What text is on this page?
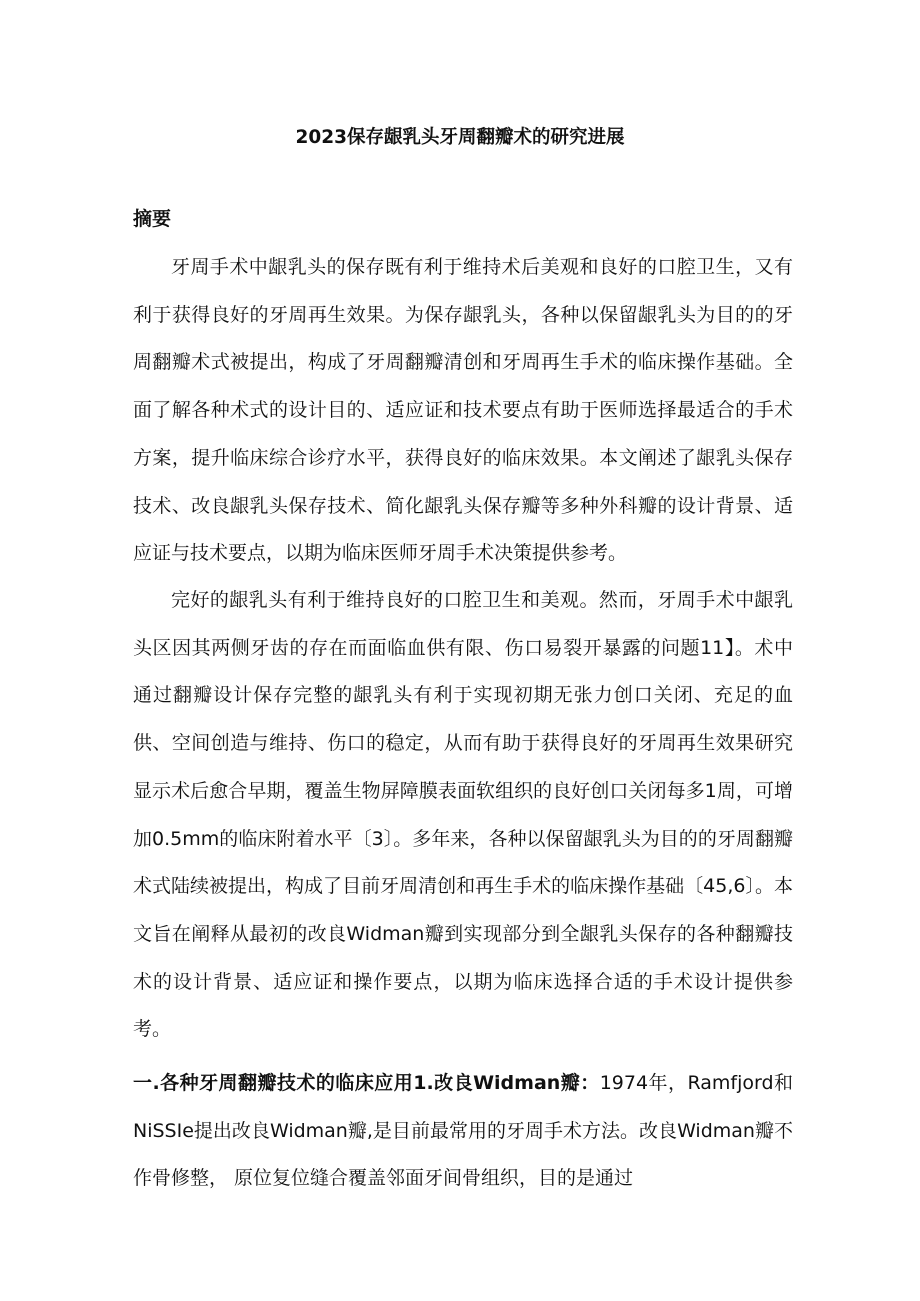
2023保存龈乳头牙周翻瓣术的研究进展
摘要

牙周手术中龈乳头的保存既有利于维持术后美观和良好的口腔卫生，又有利于获得良好的牙周再生效果。为保存龈乳头，各种以保留龈乳头为目的的牙周翻瓣术式被提出，构成了牙周翻瓣清创和牙周再生手术的临床操作基础。全面了解各种术式的设计目的、适应证和技术要点有助于医师选择最适合的手术方案，提升临床综合诊疗水平，获得良好的临床效果。本文阐述了龈乳头保存技术、改良龈乳头保存技术、简化龈乳头保存瓣等多种外科瓣的设计背景、适应证与技术要点，以期为临床医师牙周手术决策提供参考。

完好的龈乳头有利于维持良好的口腔卫生和美观。然而，牙周手术中龈乳头区因其两侧牙齿的存在而面临血供有限、伤口易裂开暴露的问题11】。术中通过翻瓣设计保存完整的龈乳头有利于实现初期无张力创口关闭、充足的血供、空间创造与维持、伤口的稳定，从而有助于获得良好的牙周再生效果研究显示术后愈合早期，覆盖生物屏障膜表面软组织的良好创口关闭每多1周，可增加0.5mm的临床附着水平〔3〕。多年来，各种以保留龈乳头为目的的牙周翻瓣术式陆续被提出，构成了目前牙周清创和再生手术的临床操作基础〔45,6〕。本文旨在阐释从最初的改良Widman瓣到实现部分到全龈乳头保存的各种翻瓣技术的设计背景、适应证和操作要点，以期为临床选择合适的手术设计提供参考。

一.各种牙周翻瓣技术的临床应用1.改良Widman瓣：1974年，Ramfjord和NiSSIe提出改良Widman瓣,是目前最常用的牙周手术方法。改良Widman瓣不作骨修整， 原位复位缝合覆盖邻面牙间骨组织，目的是通过
